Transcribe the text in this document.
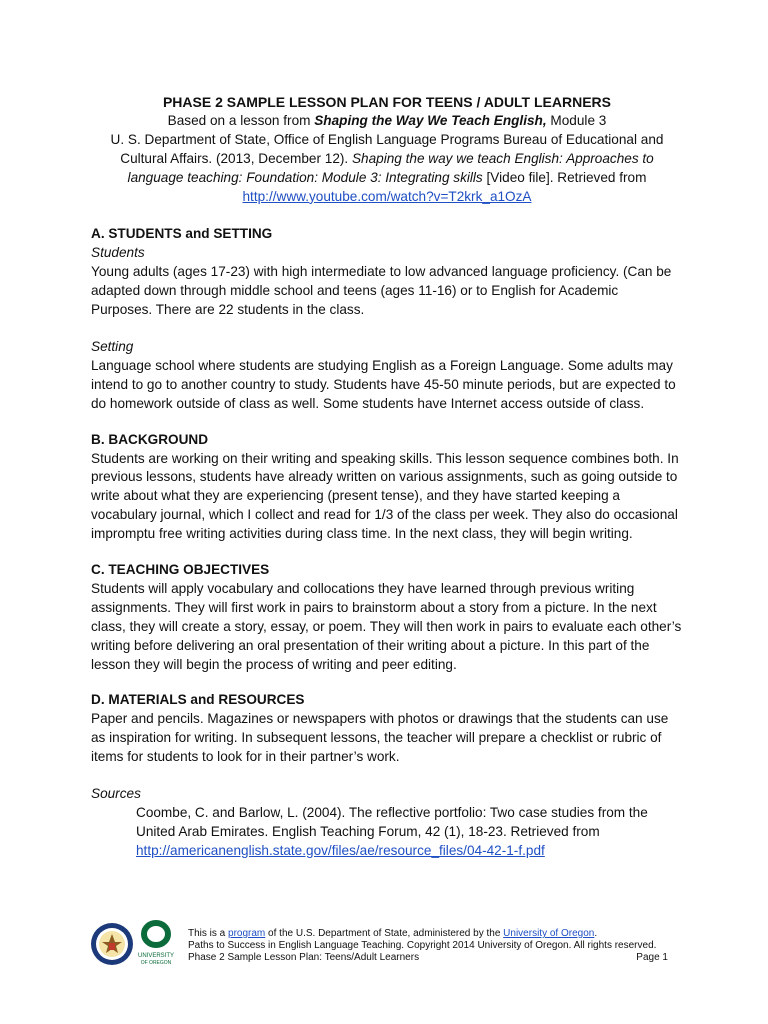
PHASE 2 SAMPLE LESSON PLAN FOR TEENS / ADULT LEARNERS
Based on a lesson from Shaping the Way We Teach English, Module 3
U. S. Department of State, Office of English Language Programs Bureau of Educational and
Cultural Affairs. (2013, December 12). Shaping the way we teach English: Approaches to
language teaching: Foundation: Module 3: Integrating skills [Video file]. Retrieved from
http://www.youtube.com/watch?v=T2krk_a1OzA
A. STUDENTS and SETTING
Students

Young adults (ages 17-23) with high intermediate to low advanced language proficiency. (Can be adapted down through middle school and teens (ages 11-16) or to English for Academic Purposes. There are 22 students in the class.

Setting

Language school where students are studying English as a Foreign Language. Some adults may intend to go to another country to study. Students have 45-50 minute periods, but are expected to do homework outside of class as well. Some students have Internet access outside of class.

B. BACKGROUND

Students are working on their writing and speaking skills. This lesson sequence combines both. In previous lessons, students have already written on various assignments, such as going outside to write about what they are experiencing (present tense), and they have started keeping a vocabulary journal, which I collect and read for 1/3 of the class per week. They also do occasional impromptu free writing activities during class time. In the next class, they will begin writing.

C. TEACHING OBJECTIVES

Students will apply vocabulary and collocations they have learned through previous writing assignments. They will first work in pairs to brainstorm about a story from a picture. In the next class, they will create a story, essay, or poem. They will then work in pairs to evaluate each other’s writing before delivering an oral presentation of their writing about a picture. In this part of the lesson they will begin the process of writing and peer editing.

D. MATERIALS and RESOURCES

Paper and pencils. Magazines or newspapers with photos or drawings that the students can use as inspiration for writing. In subsequent lessons, the teacher will prepare a checklist or rubric of items for students to look for in their partner’s work.

Sources

Coombe, C. and Barlow, L. (2004). The reflective portfolio: Two case studies from the United Arab Emirates. English Teaching Forum, 42 (1), 18-23. Retrieved from

http://americanenglish.state.gov/files/ae/resource_files/04-42-1-f.pdf
UNIVERSITY
OF OREGON
This is a program of the U.S. Department of State, administered by the University of Oregon.
Paths to Success in English Language Teaching. Copyright 2014 University of Oregon. All rights reserved.
Phase 2 Sample Lesson Plan: Teens/Adult Learners	Page 1
